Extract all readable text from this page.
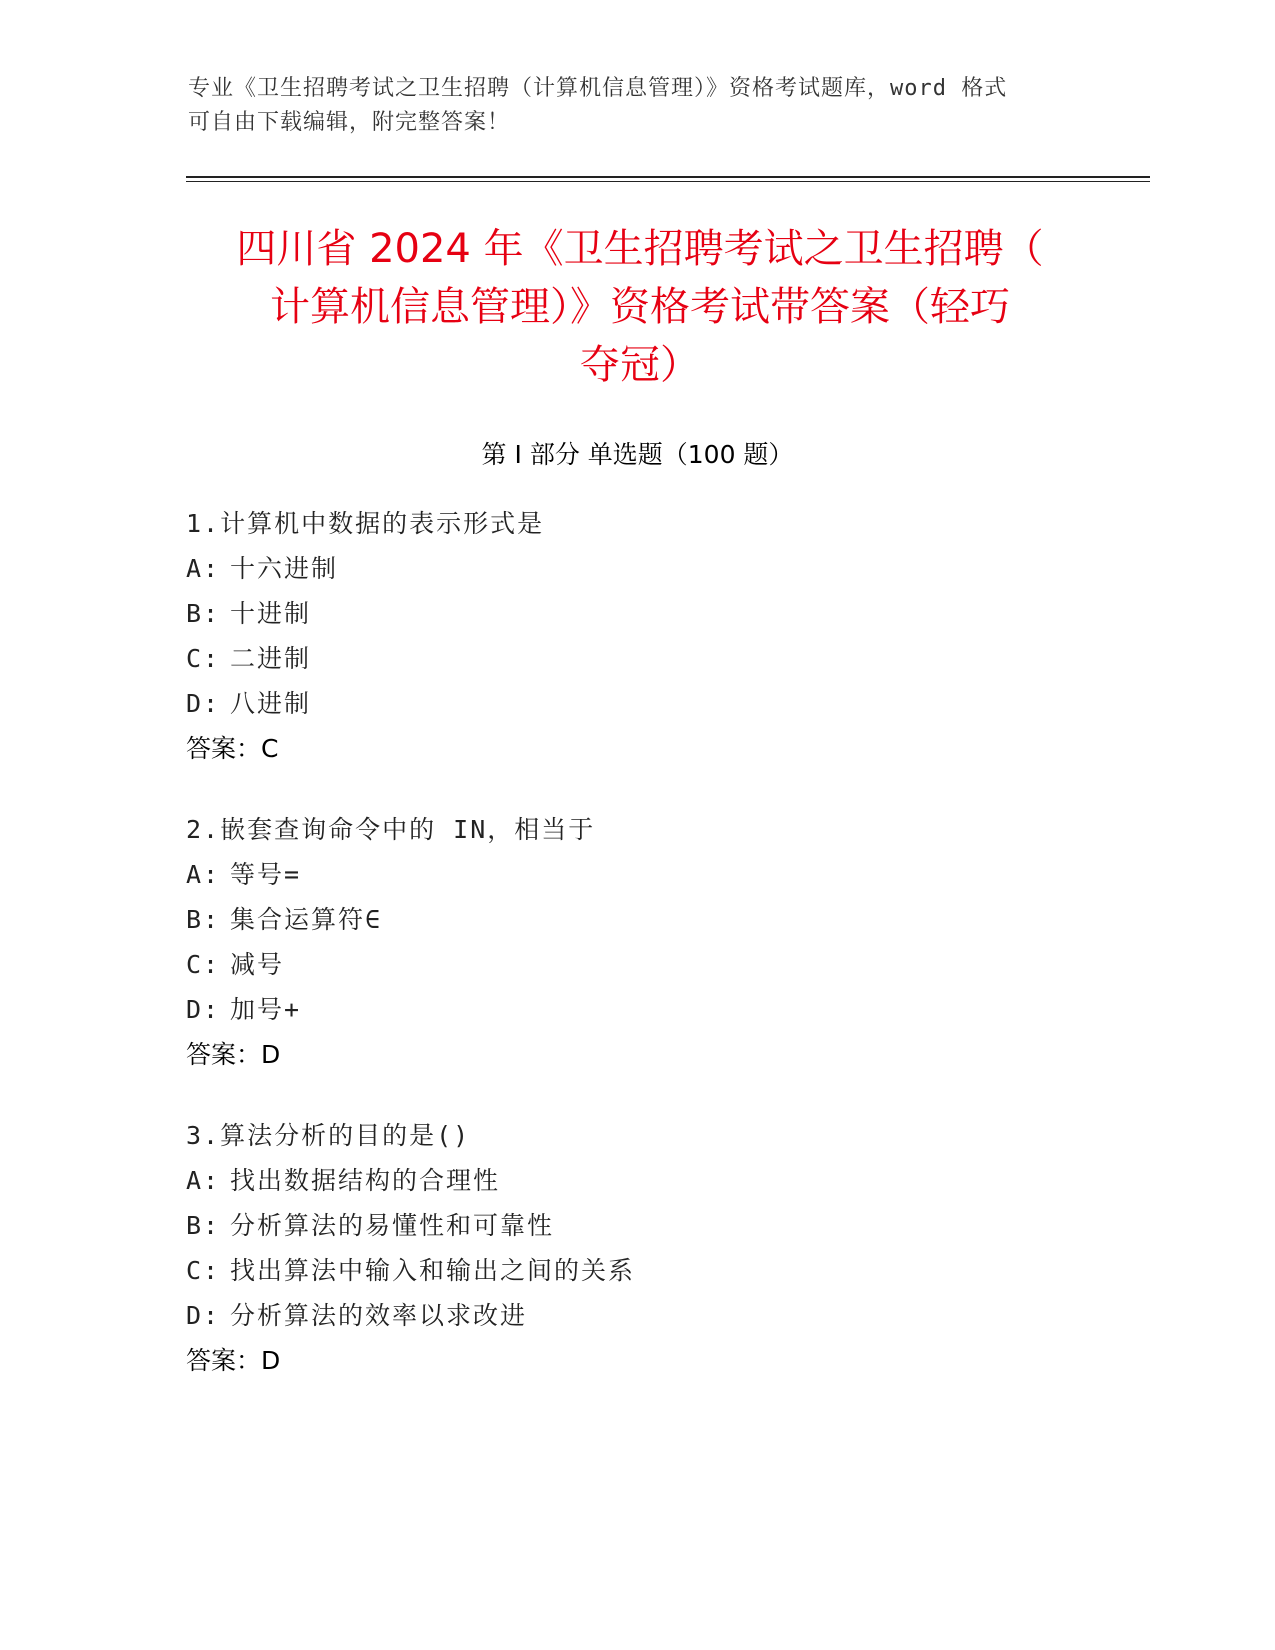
专业《卫生招聘考试之卫生招聘（计算机信息管理）》资格考试题库，word 格式
可自由下载编辑，附完整答案！
四川省 2024 年《卫生招聘考试之卫生招聘（
计算机信息管理）》资格考试带答案（轻巧
夺冠）
第 I 部分 单选题（100 题）
1.计算机中数据的表示形式是
A: 十六进制
B: 十进制
C: 二进制
D: 八进制
答案：C
2.嵌套查询命令中的 IN，相当于
A: 等号=
B: 集合运算符∈
C: 减号
D: 加号+
答案：D
3.算法分析的目的是()
A: 找出数据结构的合理性
B: 分析算法的易懂性和可靠性
C: 找出算法中输入和输出之间的关系
D: 分析算法的效率以求改进
答案：D
